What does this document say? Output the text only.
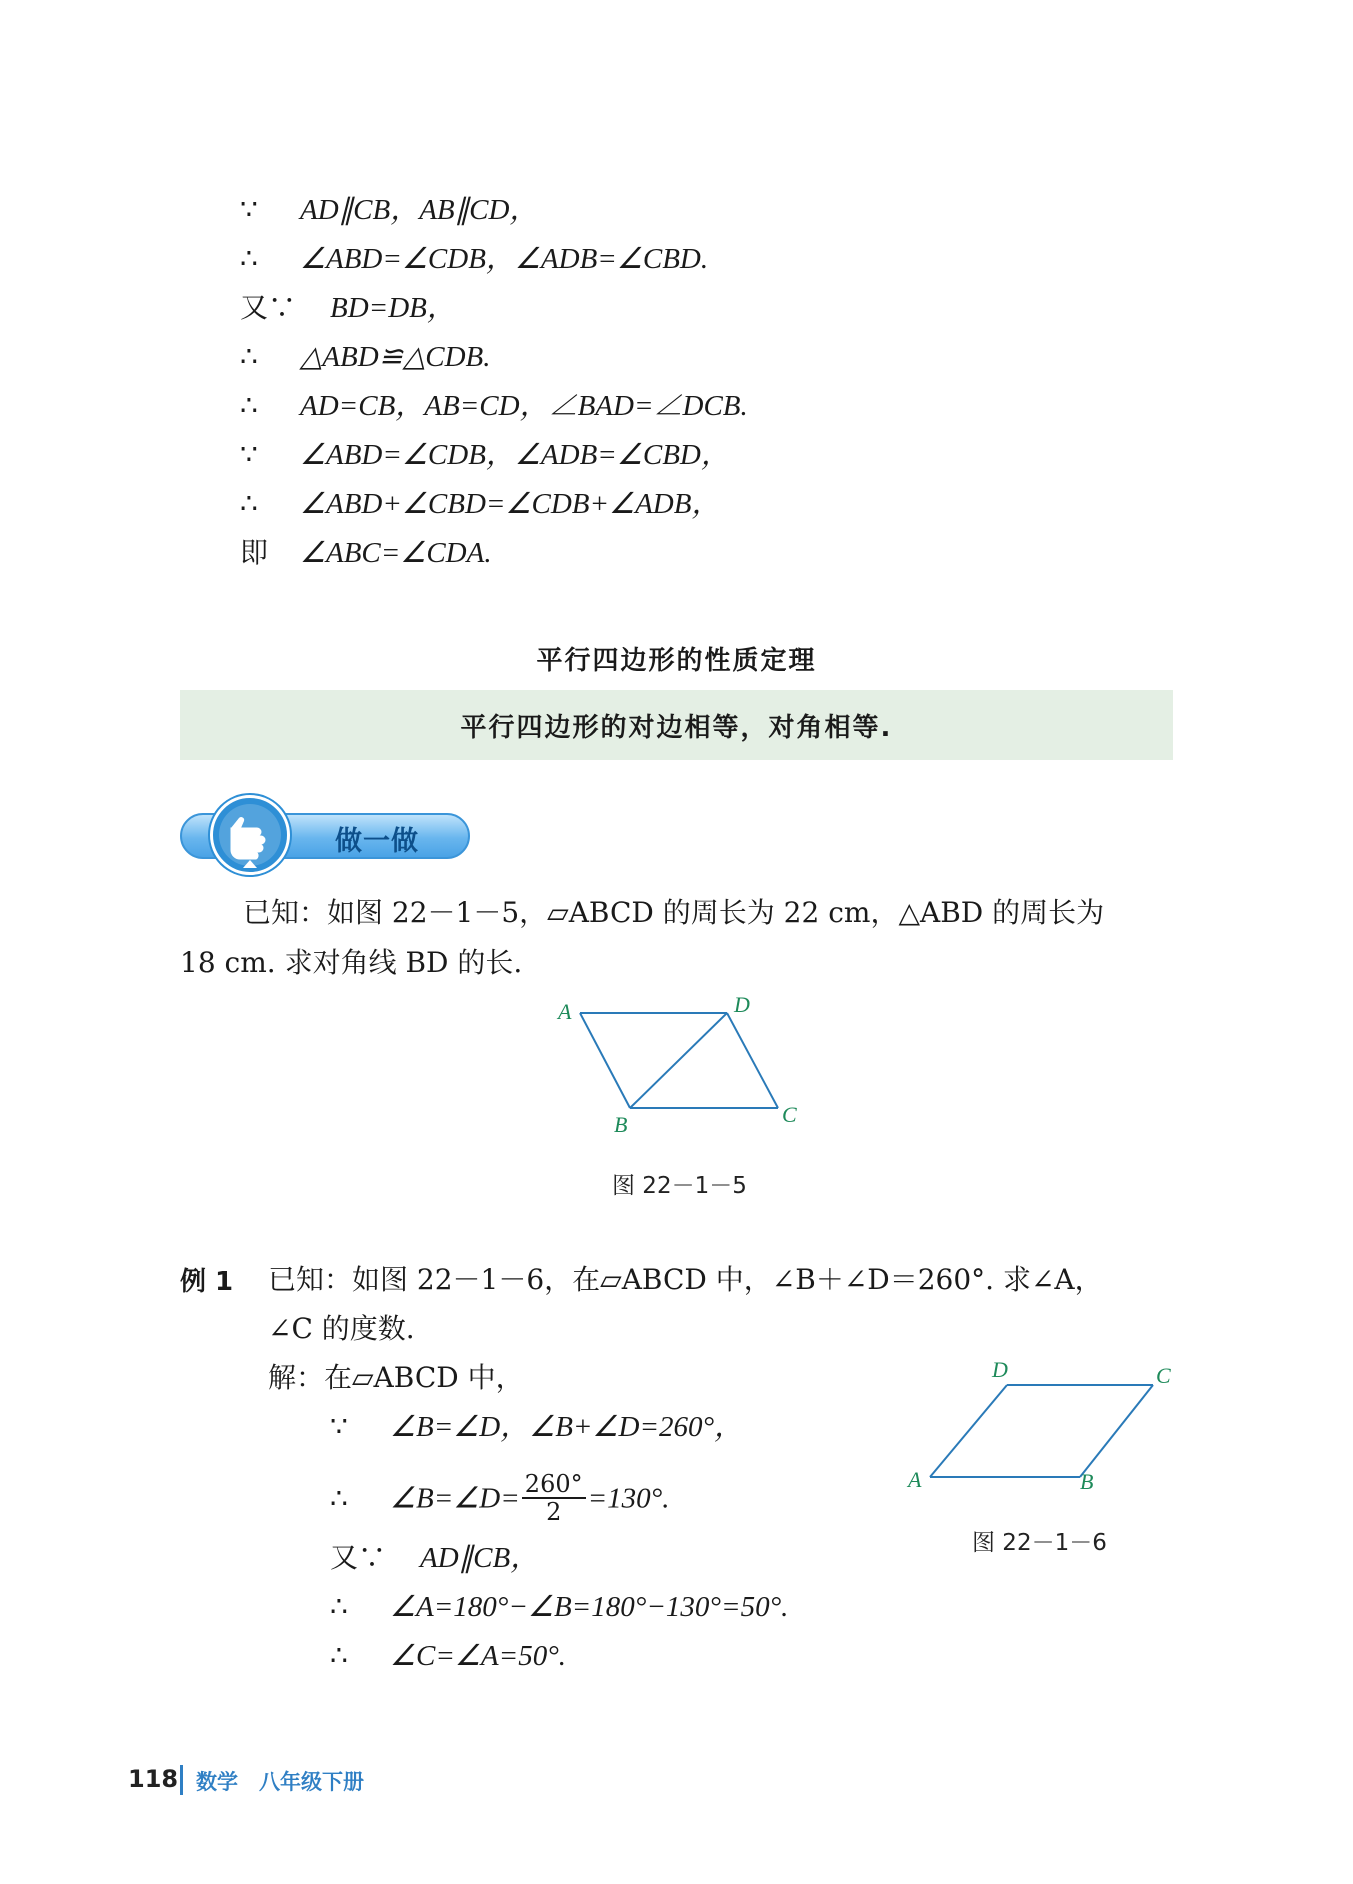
∵ AD∥CB，AB∥CD，
∴ ∠ABD=∠CDB，∠ADB=∠CBD.
又∵ BD=DB，
∴ △ABD≌△CDB.
∴ AD=CB，AB=CD，∠BAD=∠DCB.
∵ ∠ABD=∠CDB，∠ADB=∠CBD，
∴ ∠ABD+∠CBD=∠CDB+∠ADB，
即 ∠ABC=∠CDA.
平行四边形的性质定理
平行四边形的对边相等，对角相等.
做一做
已知：如图 22－1－5，▱ABCD 的周长为 22 cm，△ABD 的周长为
18 cm. 求对角线 BD 的长.
A	D
B	C
图 22－1－5
例 1 已知：如图 22－1－6，在▱ABCD 中，∠B＋∠D＝260°. 求∠A，
∠C 的度数.
解：在▱ABCD 中，
∵ ∠B=∠D，∠B+∠D=260°，
∴ ∠B=∠D= $\frac{260^\circ}{2} =130^\circ$.
又∵ AD∥CB，
∴ ∠A=180°−∠B=180°−130°=50°.
∴ ∠C=∠A=50°.
D	C
A	B
图 22－1－6
118 数学　八年级下册
